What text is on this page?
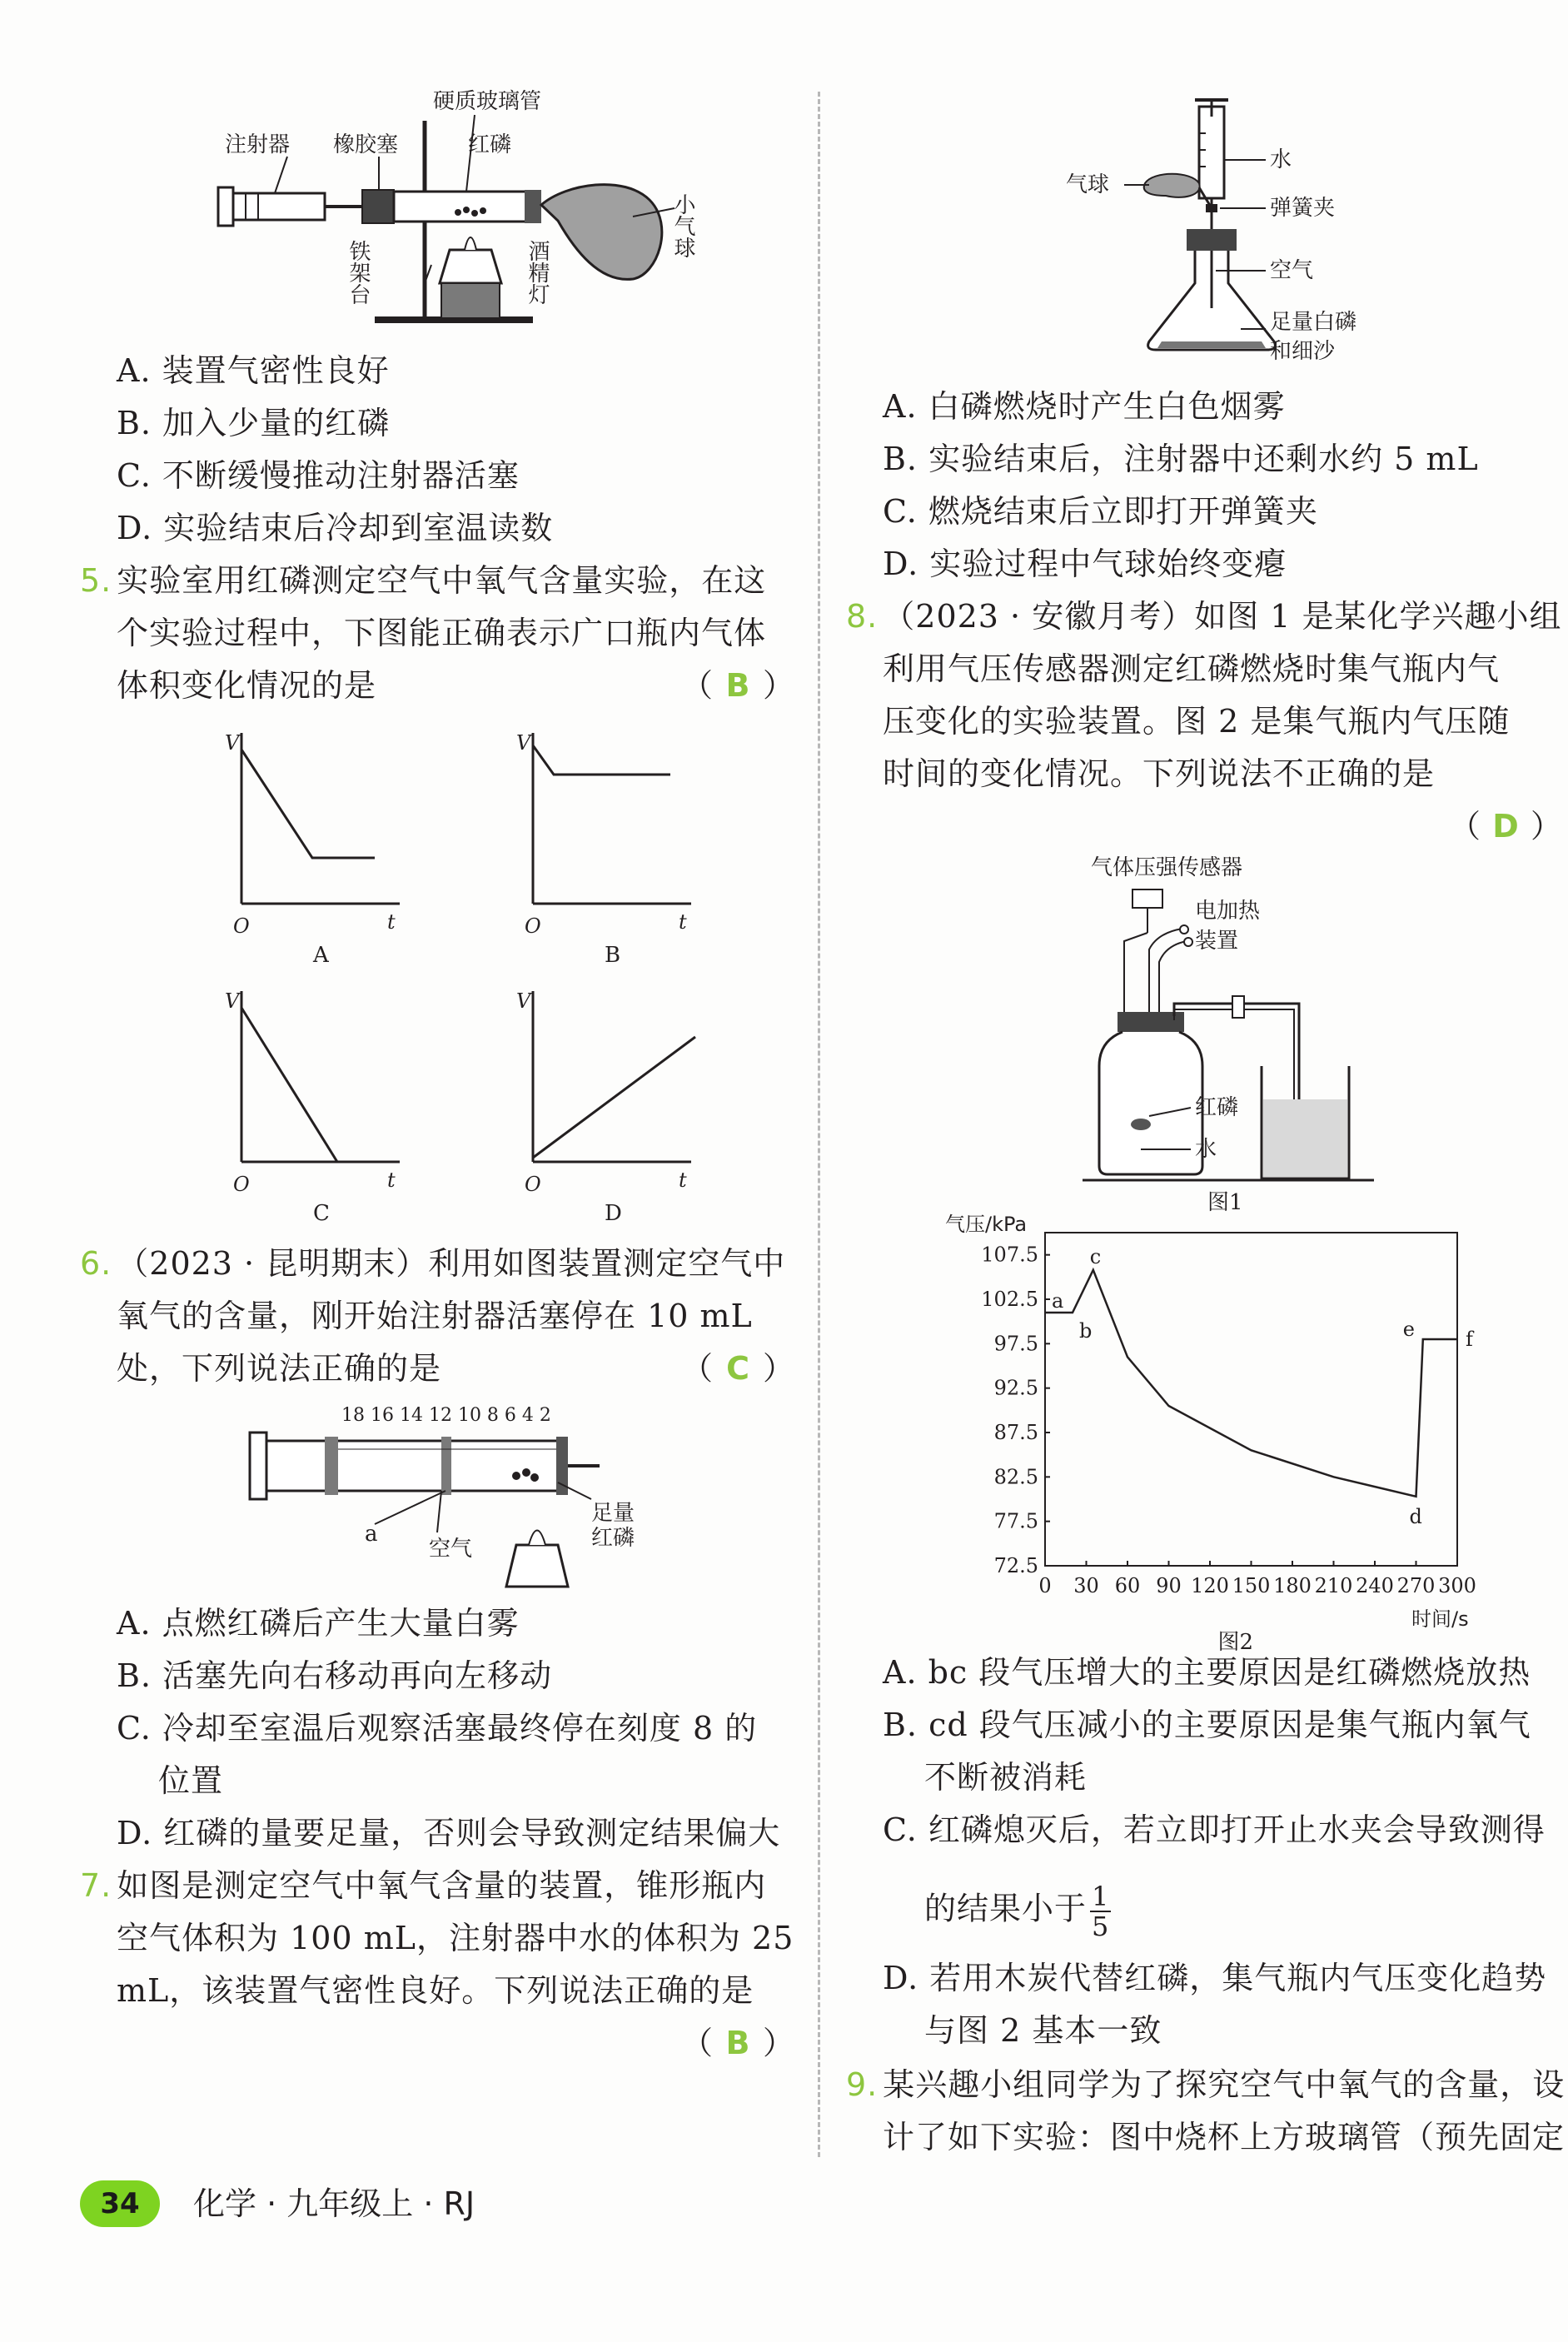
注射器 橡胶塞
硬质玻璃管
红磷
小气球
铁架台	酒精灯
A. 装置气密性良好
B. 加入少量的红磷
C. 不断缓慢推动注射器活塞
D. 实验结束后冷却到室温读数
5. 实验室用红磷测定空气中氧气含量实验，在这
个实验过程中，下图能正确表示广口瓶内气体
体积变化情况的是	（ B ）
V
O	t
A
V
O	t
B
V
O	t
C
V
O	t
D
6. （2023 · 昆明期末）利用如图装置测定空气中
氧气的含量，刚开始注射器活塞停在 10 mL
处，下列说法正确的是	（ C ）
18 16 14 12 10 8 6 4 2
a
空气
足量
红磷
A. 点燃红磷后产生大量白雾
B. 活塞先向右移动再向左移动
C. 冷却至室温后观察活塞最终停在刻度 8 的
位置
D. 红磷的量要足量，否则会导致测定结果偏大
7. 如图是测定空气中氧气含量的装置，锥形瓶内
空气体积为 100 mL，注射器中水的体积为 25
mL，该装置气密性良好。下列说法正确的是
（ B ）
水
气球
弹簧夹
空气
足量白磷
和细沙
A. 白磷燃烧时产生白色烟雾
B. 实验结束后，注射器中还剩水约 5 mL
C. 燃烧结束后立即打开弹簧夹
D. 实验过程中气球始终变瘪
8. （2023 · 安徽月考）如图 1 是某化学兴趣小组
利用气压传感器测定红磷燃烧时集气瓶内气
压变化的实验装置。图 2 是集气瓶内气压随
时间的变化情况。下列说法不正确的是
（ D ）
气体压强传感器
电加热
装置
红磷
水
图1
107.5
102.5
97.5
92.5
87.5
82.5
77.5
72.5
0 30 60 90 120 150 180 210 240 270 300
气压/kPa
时间/s
图2
a
b
c
d
e	f
A. bc 段气压增大的主要原因是红磷燃烧放热
B. cd 段气压减小的主要原因是集气瓶内氧气
不断被消耗
C. 红磷熄灭后，若立即打开止水夹会导致测得
的结果小于 $\frac{1}{5}$
D. 若用木炭代替红磷，集气瓶内气压变化趋势
与图 2 基本一致
9. 某兴趣小组同学为了探究空气中氧气的含量，设
计了如下实验：图中烧杯上方玻璃管（预先固定
34	化学 · 九年级上 · RJ
